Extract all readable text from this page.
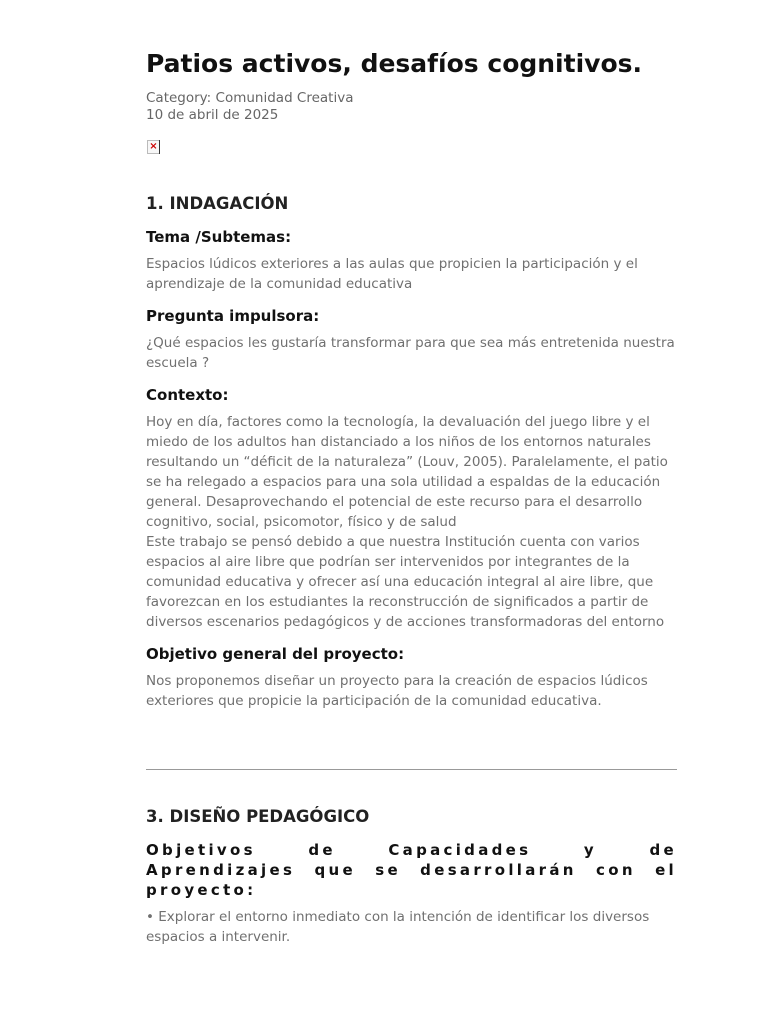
Patios activos, desafíos cognitivos.
Category: Comunidad Creativa
10 de abril de 2025
×
1. INDAGACIÓN
Tema /Subtemas:

Espacios lúdicos exteriores a las aulas que propicien la participación y el aprendizaje de la comunidad educativa

Pregunta impulsora:

¿Qué espacios les gustaría transformar para que sea más entretenida nuestra escuela ?

Contexto:

Hoy en día, factores como la tecnología, la devaluación del juego libre y el miedo de los adultos han distanciado a los niños de los entornos naturales resultando un “déficit de la naturaleza” (Louv, 2005). Paralelamente, el patio se ha relegado a espacios para una sola utilidad a espaldas de la educación general. Desaprovechando el potencial de este recurso para el desarrollo cognitivo, social, psicomotor, físico y de salud

Este trabajo se pensó debido a que nuestra Institución cuenta con varios espacios al aire libre que podrían ser intervenidos por integrantes de la comunidad educativa y ofrecer así una educación integral al aire libre, que favorezcan en los estudiantes la reconstrucción de significados a partir de diversos escenarios pedagógicos y de acciones transformadoras del entorno

Objetivo general del proyecto:

Nos proponemos diseñar un proyecto para la creación de espacios lúdicos exteriores que propicie la participación de la comunidad educativa.

3. DISEÑO PEDAGÓGICO
Objetivos de Capacidades y de Aprendizajes que se desarrollarán con el proyecto:

• Explorar el entorno inmediato con la intención de identificar los diversos espacios a intervenir.
